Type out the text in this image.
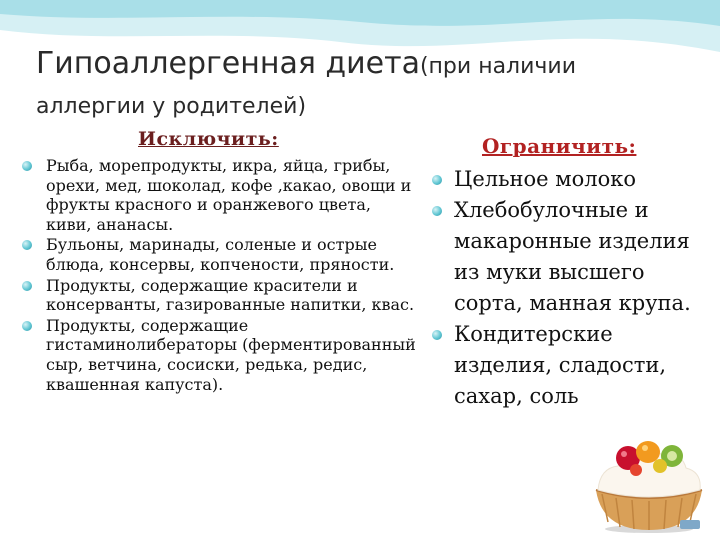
Гипоаллергенная диета(при наличии
аллергии у родителей)
Исключить:
Рыба, морепродукты, икра, яйца, грибы, орехи, мед, шоколад, кофе ,какао, овощи и фрукты красного и оранжевого цвета, киви, ананасы.
Бульоны, маринады, соленые и острые блюда, консервы, копчености, пряности.
Продукты, содержащие красители и консерванты, газированные напитки, квас.
Продукты, содержащие гистаминолибераторы (ферментированный сыр, ветчина, сосиски, редька, редис, квашенная капуста).
Ограничить:
Цельное молоко
Хлебобулочные и макаронные изделия из муки высшего сорта, манная крупа.
Кондитерские изделия, сладости, сахар, соль
